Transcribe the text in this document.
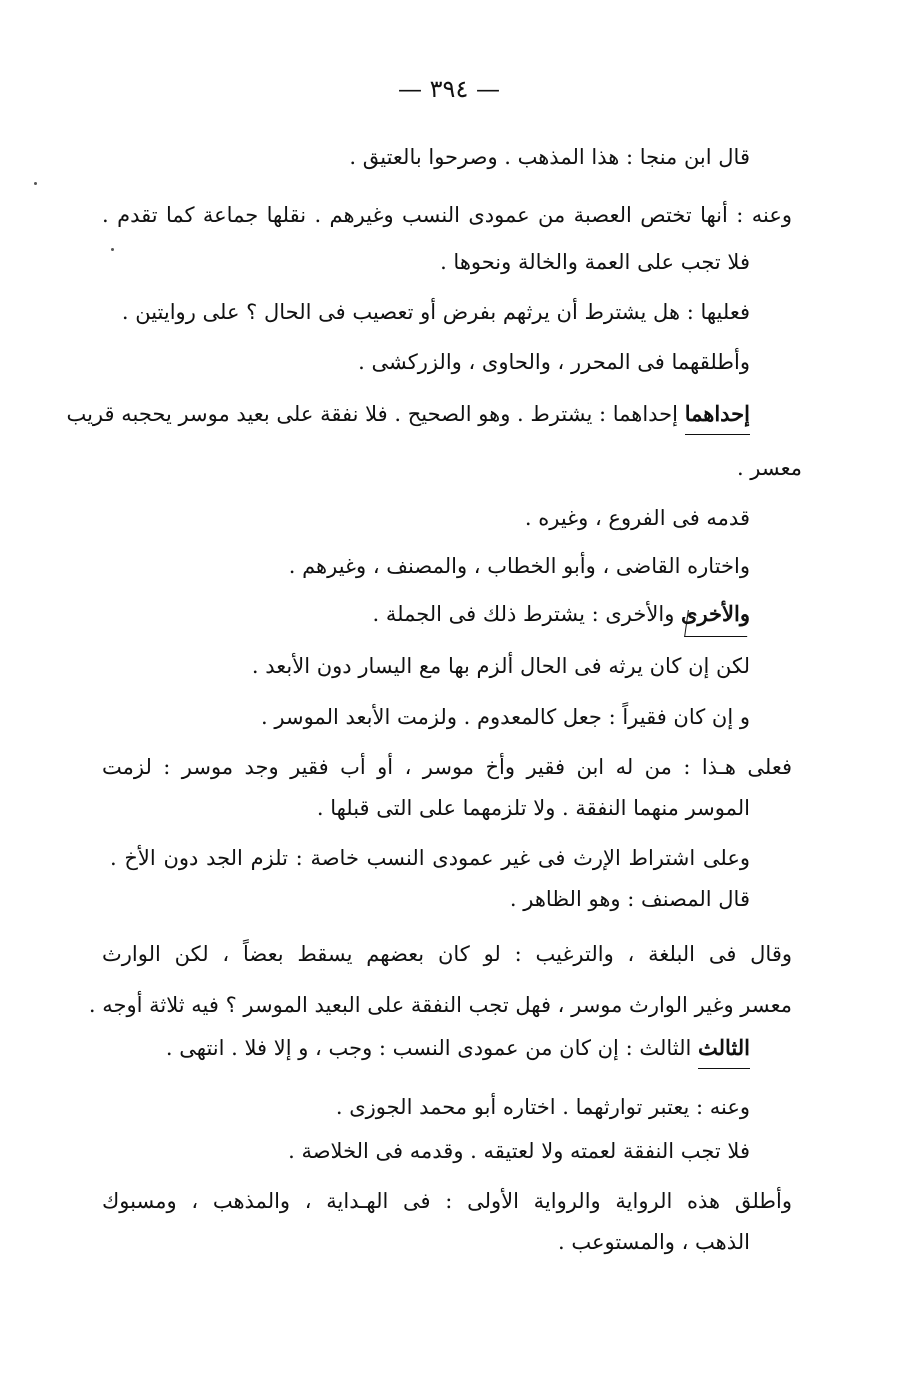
— ٣٩٤ —
قال ابن منجا : هذا المذهب . وصرحوا بالعتيق .
وعنه : أنها تختص العصبة من عمودى النسب وغيرهم . نقلها جماعة كما تقدم .
فلا تجب على العمة والخالة ونحوها .
فعليها : هل يشترط أن يرثهم بفرض أو تعصيب فى الحال ؟ على روايتين .
وأطلقهما فى المحرر ، والحاوى ، والزركشى .
إحداهما إحداهما : يشترط . وهو الصحيح . فلا نفقة على بعيد موسر يحجبه قريب
معسر .
قدمه فى الفروع ، وغيره .
واختاره القاضى ، وأبو الخطاب ، والمصنف ، وغيرهم .
والأخرى والأخرى : يشترط ذلك فى الجملة .
لكن إن كان يرثه فى الحال ألزم بها مع اليسار دون الأبعد .
و إن كان فقيراً : جعل كالمعدوم . ولزمت الأبعد الموسر .
فعلى هـذا : من له ابن فقير وأخ موسر ، أو أب فقير وجد موسر : لزمت
الموسر منهما النفقة . ولا تلزمهما على التى قبلها .
وعلى اشتراط الإرث فى غير عمودى النسب خاصة : تلزم الجد دون الأخ .
قال المصنف : وهو الظاهر .
وقال فى البلغة ، والترغيب : لو كان بعضهم يسقط بعضاً ، لكن الوارث
معسر وغير الوارث موسر ، فهل تجب النفقة على البعيد الموسر ؟ فيه ثلاثة أوجه .
الثالث الثالث : إن كان من عمودى النسب : وجب ، و إلا فلا . انتهى .
وعنه : يعتبر توارثهما . اختاره أبو محمد الجوزى .
فلا تجب النفقة لعمته ولا لعتيقه . وقدمه فى الخلاصة .
وأطلق هذه الرواية والرواية الأولى : فى الهـداية ، والمذهب ، ومسبوك
الذهب ، والمستوعب .
